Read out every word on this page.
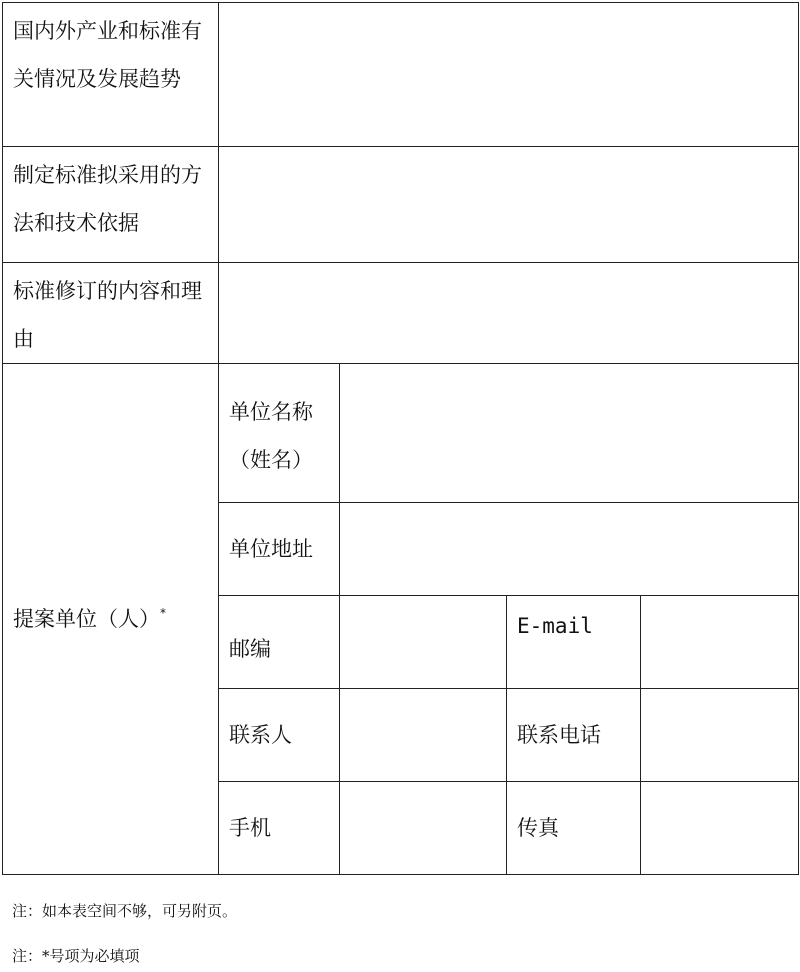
国内外产业和标准有关情况及发展趋势				
制定标准拟采用的方法和技术依据				
标准修订的内容和理由				
提案单位（人）*	单位名称（姓名）			
	单位地址			
	邮编		E-mail	
	联系人		联系电话	
	手机		传真	
注：如本表空间不够，可另附页。
注：*号项为必填项
